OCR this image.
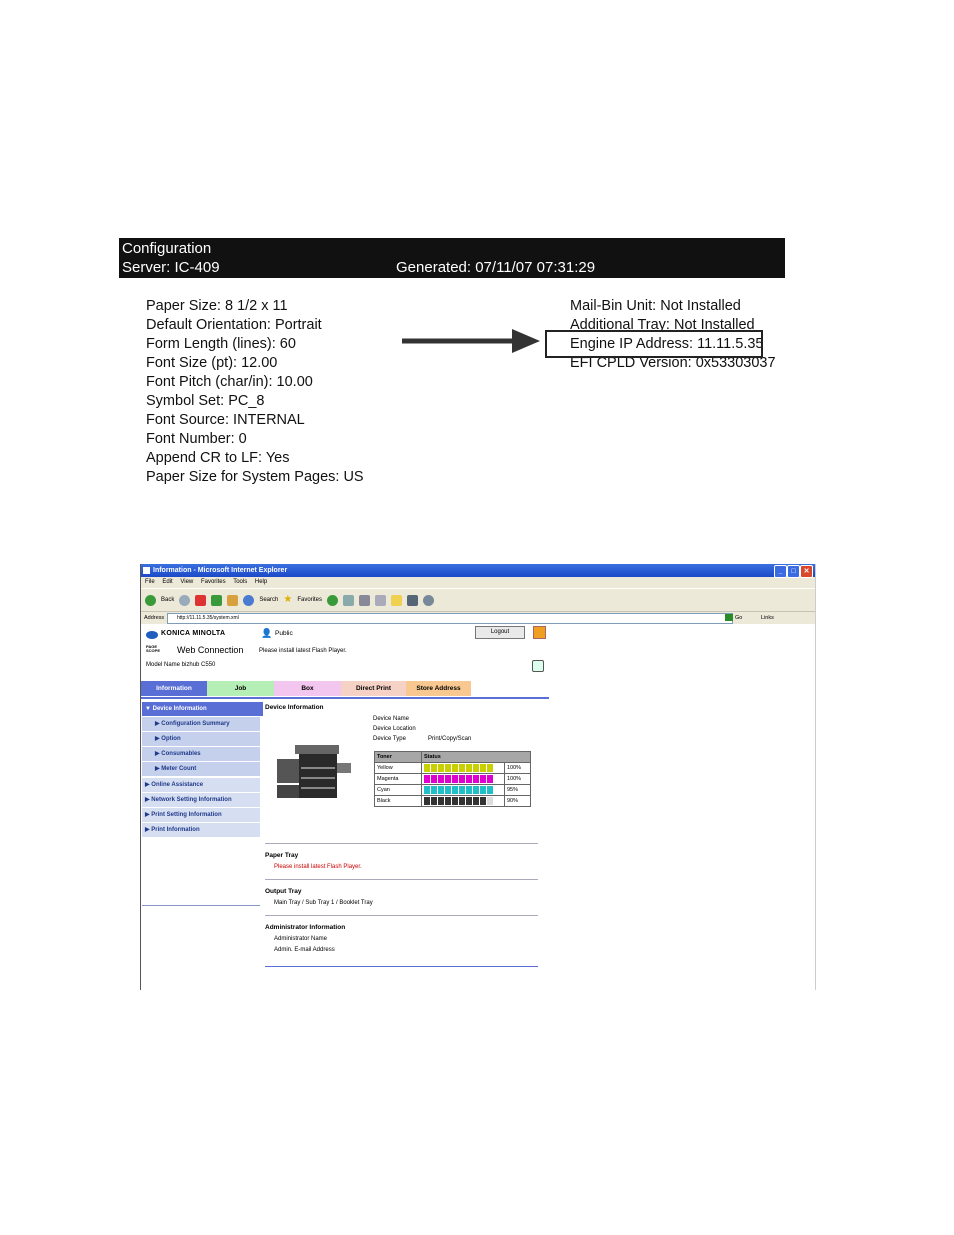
Configuration
Server: IC-409	Generated: 07/11/07 07:31:29
Paper Size: 8 1/2 x 11
Default Orientation: Portrait
Form Length (lines): 60
Font Size (pt): 12.00
Font Pitch (char/in): 10.00
Symbol Set: PC_8
Font Source: INTERNAL
Font Number: 0
Append CR to LF: Yes
Paper Size for System Pages: US
Mail-Bin Unit: Not Installed
Additional Tray: Not Installed
Engine IP Address: 11.11.5.35
EFI CPLD Version: 0x53303037
Information - Microsoft Internet Explorer	_	□	✕
File Edit View Favorites Tools Help
Back	Search ★ Favorites
Address	http://11.11.5.35/system.xml	Go	Links
KONICA MINOLTA
PAGE SCOPE Web Connection
Model Name bizhub C550
👤 Public
Please install latest Flash Player.
Logout
Information	Job	Box	Direct Print	Store Address
▼ Device Information
▶ Configuration Summary
▶ Option
▶ Consumables
▶ Meter Count
▶ Online Assistance
▶ Network Setting Information
▶ Print Setting Information
▶ Print Information
Device Information
Device Name
Device Location
Device Type	Print/Copy/Scan
Toner	Status	
Yellow		100%
Magenta		100%
Cyan		95%
Black		90%
Paper Tray
Please install latest Flash Player.
Output Tray
Main Tray / Sub Tray 1 / Booklet Tray
Administrator Information
Administrator Name
Admin. E-mail Address
